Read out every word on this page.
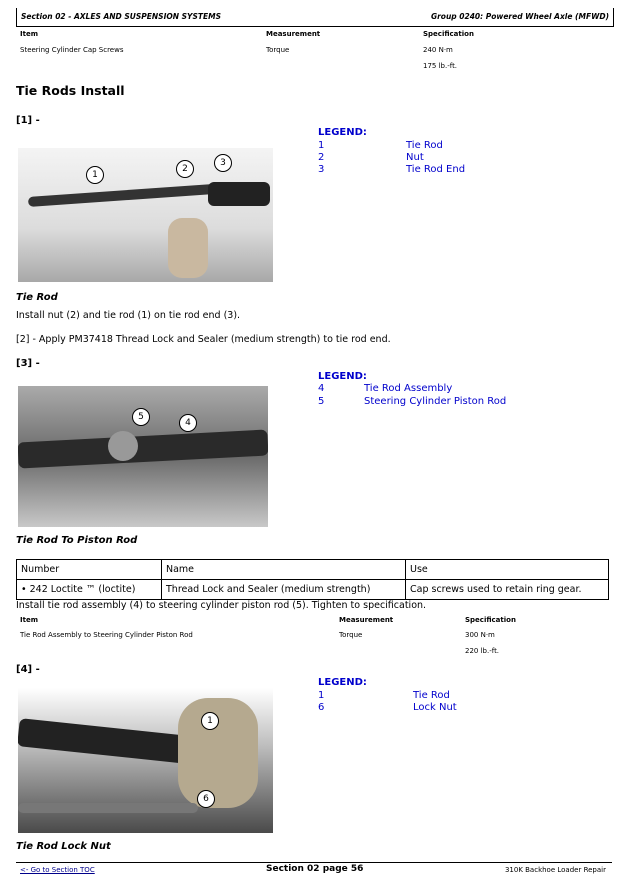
Section 02 - AXLES AND SUSPENSION SYSTEMS	Group 0240: Powered Wheel Axle (MFWD)
Item	Measurement	Specification
Steering Cylinder Cap Screws	Torque	240 N·m
175 lb.-ft.
Tie Rods Install
[1] -
1
2
3
LEGEND:
1	Tie Rod
2	Nut
3	Tie Rod End
Tie Rod
Install nut (2) and tie rod (1) on tie rod end (3).
[2] - Apply PM37418 Thread Lock and Sealer (medium strength) to tie rod end.
[3] -
5
4
LEGEND:
4	Tie Rod Assembly
5	Steering Cylinder Piston Rod
Tie Rod To Piston Rod
Number	Name	Use
• 242 Loctite ™ (loctite)	Thread Lock and Sealer (medium strength)	Cap screws used to retain ring gear.
Install tie rod assembly (4) to steering cylinder piston rod (5). Tighten to specification.
Item	Measurement	Specification
Tie Rod Assembly to Steering Cylinder Piston Rod	Torque	300 N·m
220 lb.-ft.
[4] -
1
6
LEGEND:
1	Tie Rod
6	Lock Nut
Tie Rod Lock Nut
<- Go to Section TOC	Section 02 page 56	310K Backhoe Loader Repair
